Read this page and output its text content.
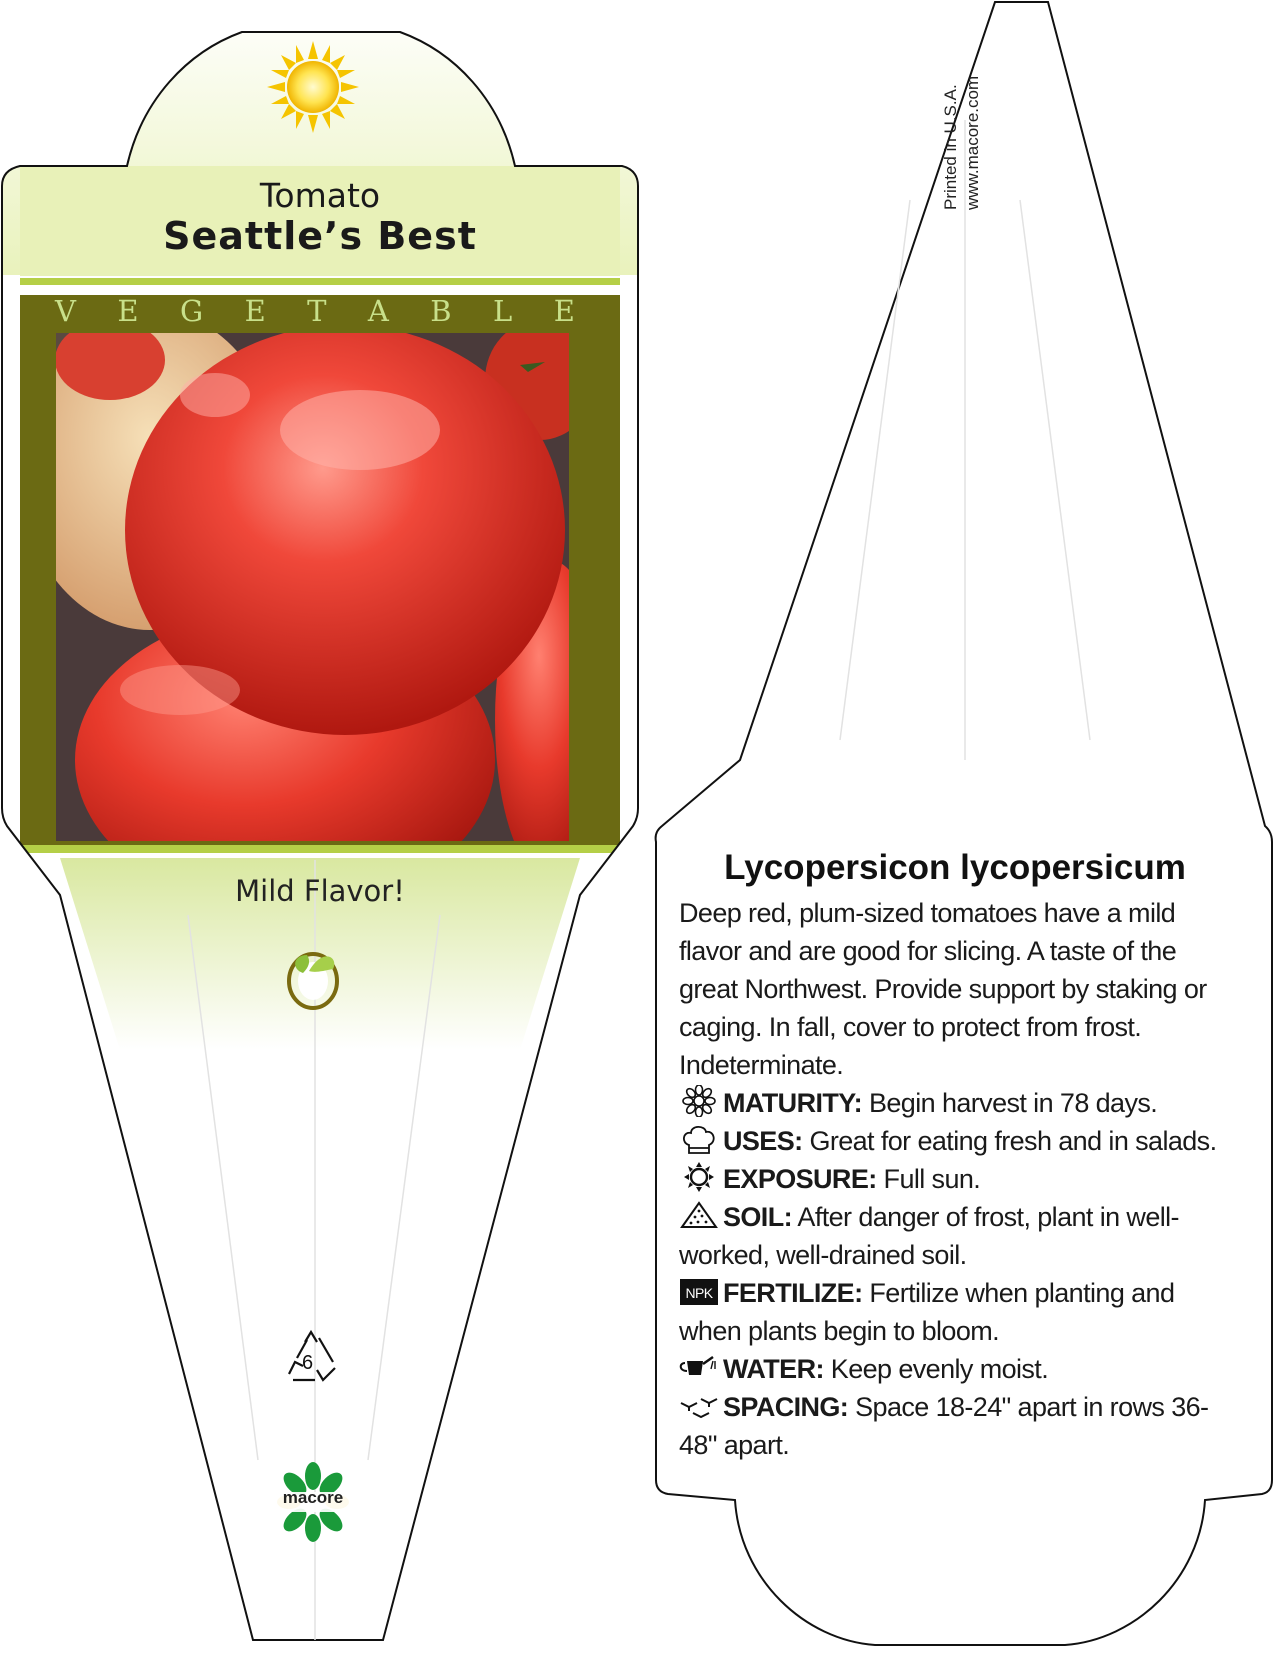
Tomato
Seattle’s Best
V E G E T A B L E
Mild Flavor!
6
macore
Printed in U.S.A. www.macore.com
Lycopersicon lycopersicum

Deep red, plum-sized tomatoes have a mild flavor and are good for slicing. A taste of the great Northwest. Provide support by staking or caging. In fall, cover to protect from frost. Indeterminate.

MATURITY: Begin harvest in 78 days.

USES: Great for eating fresh and in salads.

EXPOSURE: Full sun.

SOIL: After danger of frost, plant in well-worked, well-drained soil.

NPK FERTILIZE: Fertilize when planting and when plants begin to bloom.

WATER: Keep evenly moist.

SPACING: Space 18-24" apart in rows 36-48" apart.
